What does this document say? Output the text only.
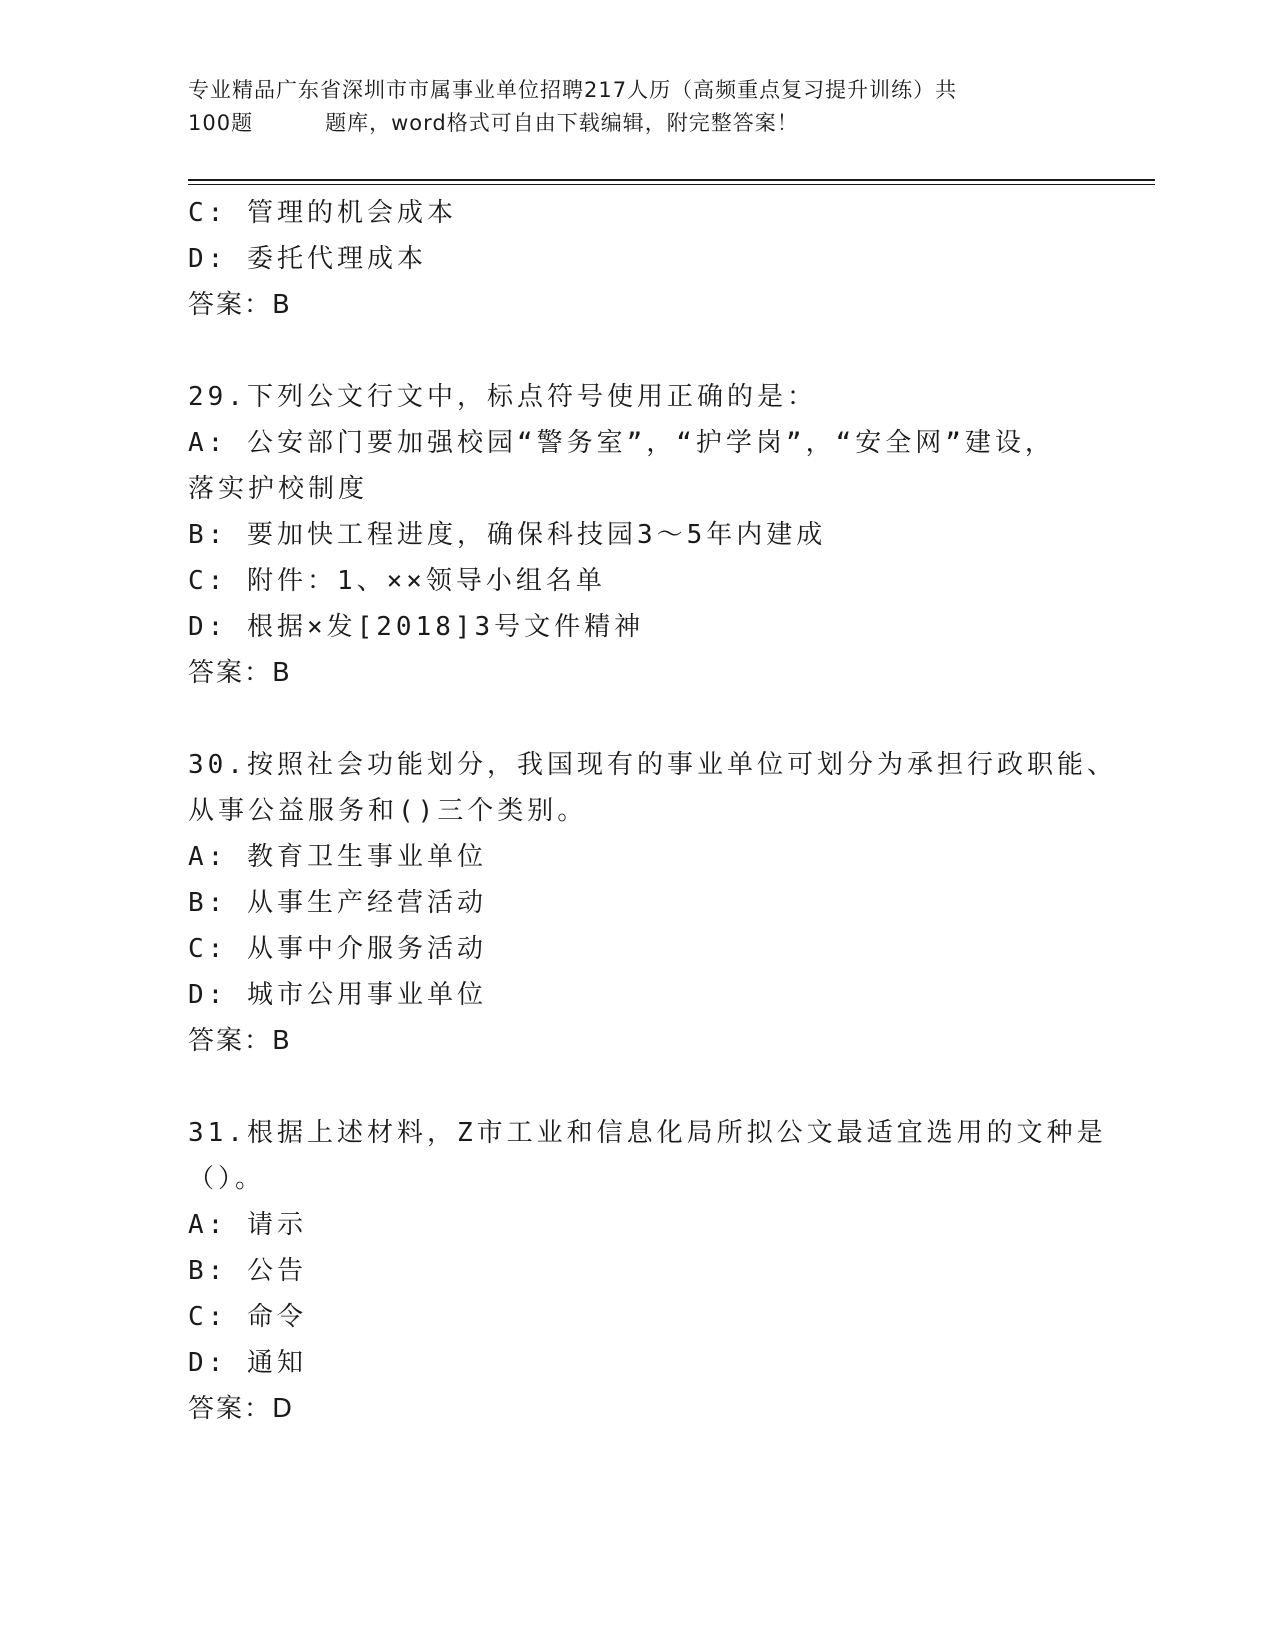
专业精品广东省深圳市市属事业单位招聘217人历（高频重点复习提升训练）共
100题	题库，word格式可自由下载编辑，附完整答案！
C: 管理的机会成本
D: 委托代理成本
答案：B
29.下列公文行文中，标点符号使用正确的是：
A: 公安部门要加强校园“警务室”，“护学岗”，“安全网”建设，
落实护校制度
B: 要加快工程进度，确保科技园3～5年内建成
C: 附件：1、××领导小组名单
D: 根据×发[2018]3号文件精神
答案：B
30.按照社会功能划分，我国现有的事业单位可划分为承担行政职能、
从事公益服务和()三个类别。
A: 教育卫生事业单位
B: 从事生产经营活动
C: 从事中介服务活动
D: 城市公用事业单位
答案：B
31.根据上述材料，Z市工业和信息化局所拟公文最适宜选用的文种是
（）。
A: 请示
B: 公告
C: 命令
D: 通知
答案：D
